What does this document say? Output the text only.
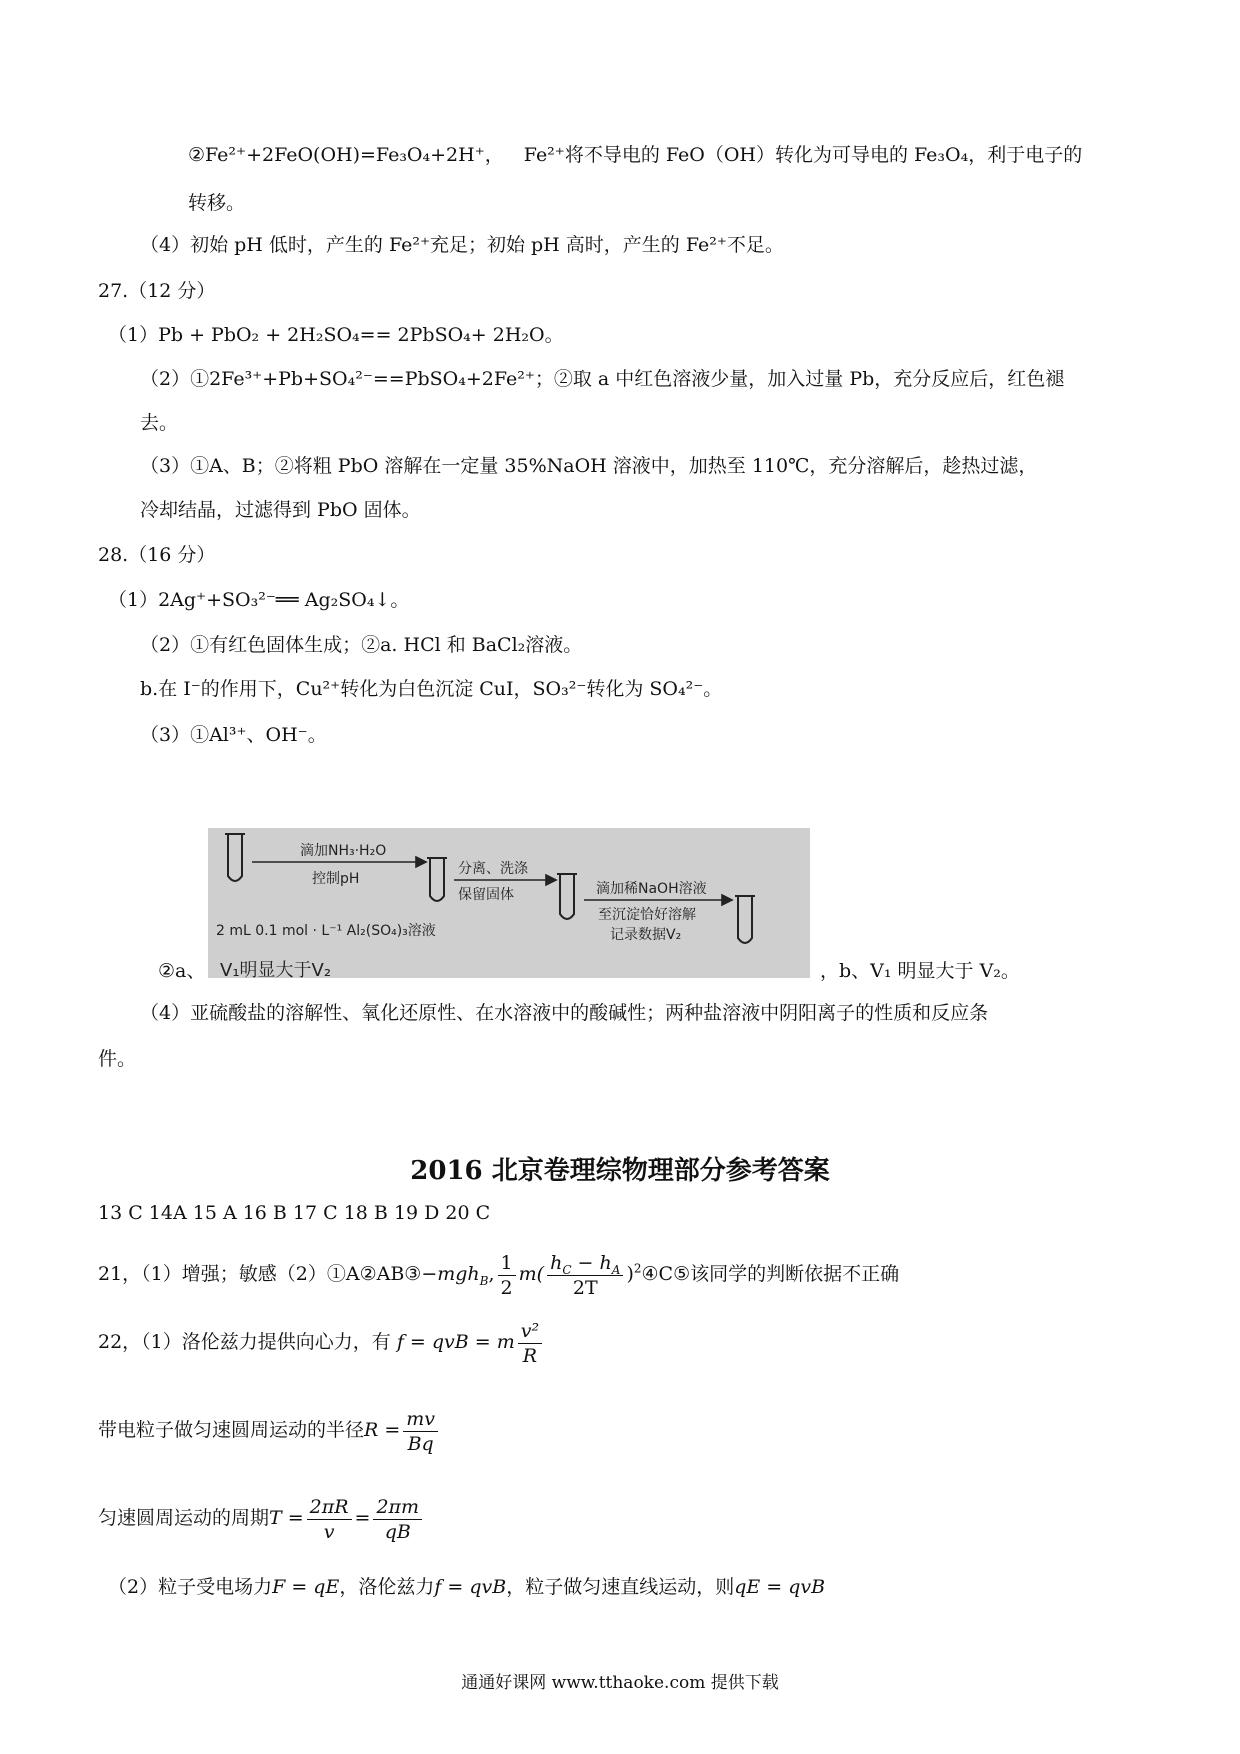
②Fe²⁺+2FeO(OH)=Fe₃O₄+2H⁺， Fe²⁺将不导电的 FeO（OH）转化为可导电的 Fe₃O₄，利于电子的
转移。
（4）初始 pH 低时，产生的 Fe²⁺充足；初始 pH 高时，产生的 Fe²⁺不足。
27.（12 分）
（1）Pb + PbO₂ + 2H₂SO₄== 2PbSO₄+ 2H₂O。
（2）①2Fe³⁺+Pb+SO₄²⁻==PbSO₄+2Fe²⁺；②取 a 中红色溶液少量，加入过量 Pb，充分反应后，红色褪
去。
（3）①A、B；②将粗 PbO 溶解在一定量 35%NaOH 溶液中，加热至 110℃，充分溶解后，趁热过滤，
冷却结晶，过滤得到 PbO 固体。
28.（16 分）
（1）2Ag⁺+SO₃²⁻══ Ag₂SO₄↓。
（2）①有红色固体生成；②a. HCl 和 BaCl₂溶液。
b.在 I⁻的作用下，Cu²⁺转化为白色沉淀 CuI，SO₃²⁻转化为 SO₄²⁻。
（3）①Al³⁺、OH⁻。
滴加NH₃·H₂O
控制pH
分离、洗涤
保留固体	滴加稀NaOH溶液
至沉淀恰好溶解
记录数据V₂
2 mL 0.1 mol · L⁻¹ Al₂(SO₄)₃溶液
V₁明显大于V₂
②a、	，b、V₁ 明显大于 V₂。
（4）亚硫酸盐的溶解性、氧化还原性、在水溶液中的酸碱性；两种盐溶液中阴阳离子的性质和反应条
件。
2016 北京卷理综物理部分参考答案
13 C 14A 15 A 16 B 17 C 18 B 19 D 20 C
21，（1）增强；敏感（2）①A②AB③−mgh$_B$, $\frac{1}{2} m( \frac{h_C - h_A}{2T}$ )$^2④C⑤$该同学的判断依据不正确
22，（1）洛伦兹力提供向心力，有 f = qvB = m $\frac{\text{v²}}{R}$
带电粒子做匀速圆周运动的半径$R = \frac{mv}{Bq}$
匀速圆周运动的周期$T = \frac{2\pi R}{v} = \frac{2\pi m}{qB}$
（2）粒子受电场力F = qE，洛伦兹力f = qvB，粒子做匀速直线运动，则qE = qvB
通通好课网 www.tthaoke.com 提供下载
